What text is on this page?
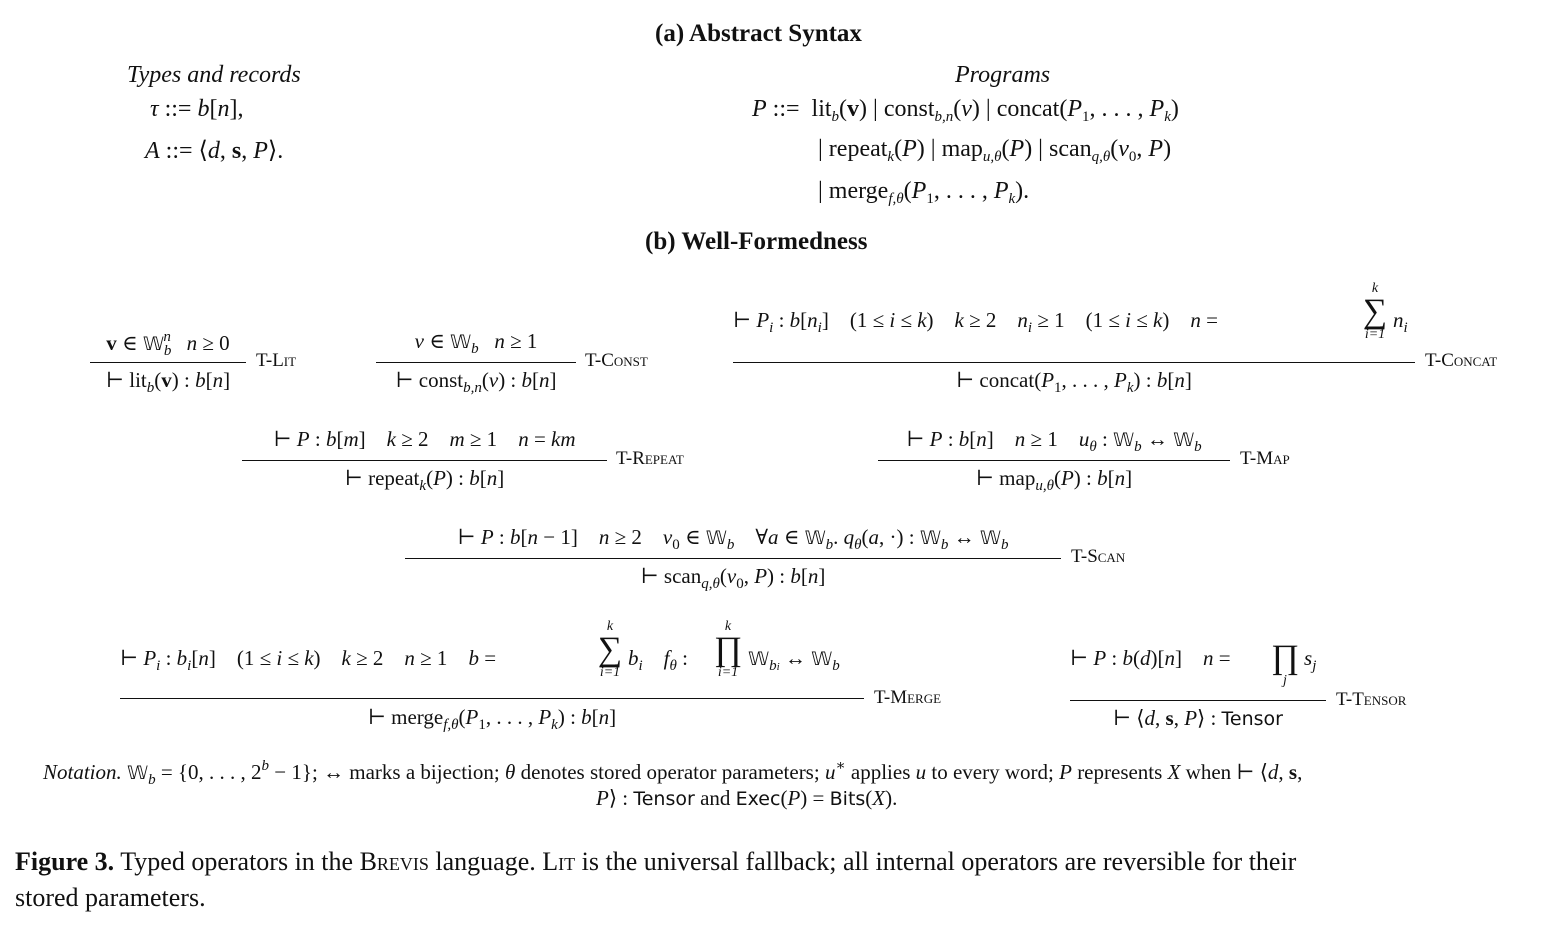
(a) Abstract Syntax
Types and records
τ ::= b[n],
A ::= ⟨d, s, P⟩.
Programs
P ::=  lit$_b$(v) | const$_{b,n}$(v) | $concat(P_1$, . . . , $P_k$)
| repeat$_k$(P) | map$_{u,\theta}$(P) | $scan_{q,\theta}(v_0$, P)
| $merge_{f,\theta}(P_1$, . . . , $P_k$).
(b) Well-Formedness
v ∈ 𝕎$_b^n$ n ≥ 0
⊢ lit$_b$(v) : b[n]
T-Lit
v ∈ 𝕎$_b$ n ≥ 1
⊢ const$_{b,n}$(v) : b[n]
T-Const
⊢ $P_i$ : $b[n_i]$    (1 ≤ i ≤ k)    k ≥ 2    $n_i \ge 1$    (1 ≤ i ≤ k)    n =
k
∑
i=1
$n_i$
⊢ $concat(P_1$, . . . , $P_k$) : b[n]
T-Concat
⊢ P : b[m]    k ≥ 2    m ≥ 1    n = km
⊢ repeat$_k$(P) : b[n]
T-Repeat
⊢ P : b[n]    n ≥ 1    $u_\theta$ : 𝕎$_b$ ↔ 𝕎$_b$
⊢ map$_{u,\theta}$(P) : b[n]
T-Map
⊢ P : b[n − 1]    n ≥ 2    $v_0$ ∈ 𝕎$_b$    ∀a ∈ 𝕎$_b$. $q_\theta(a$, ·) : 𝕎$_b$ ↔ 𝕎$_b$
⊢ $scan_{q,\theta}(v_0$, P) : b[n]
T-Scan
⊢ $P_i$ : $b_i[n]$    (1 ≤ i ≤ k)    k ≥ 2    n ≥ 1    b =
k
∑
i=1
$b_i$ $f_\theta$ :
k
∏
i=1
𝕎$_{bi}$ ↔ 𝕎$_b$
⊢ $merge_{f,\theta}(P_1$, . . . , $P_k$) : b[n]
T-Merge
⊢ P : b(d)[n]    n =
∏
j
$s_j$
⊢ ⟨d, s, P⟩ : Tensor
T-Tensor
Notation. 𝕎$_b$ = {0, . . . , $2^b - 1$}; ↔ marks a bijection; θ denotes stored operator parameters; u∗ applies u to every word; P represents X when ⊢ ⟨d, s,
P⟩ : Tensor and Exec(P) = Bits(X).
Figure 3. Typed operators in the Brevis language. Lit is the universal fallback; all internal operators are reversible for their
stored parameters.
